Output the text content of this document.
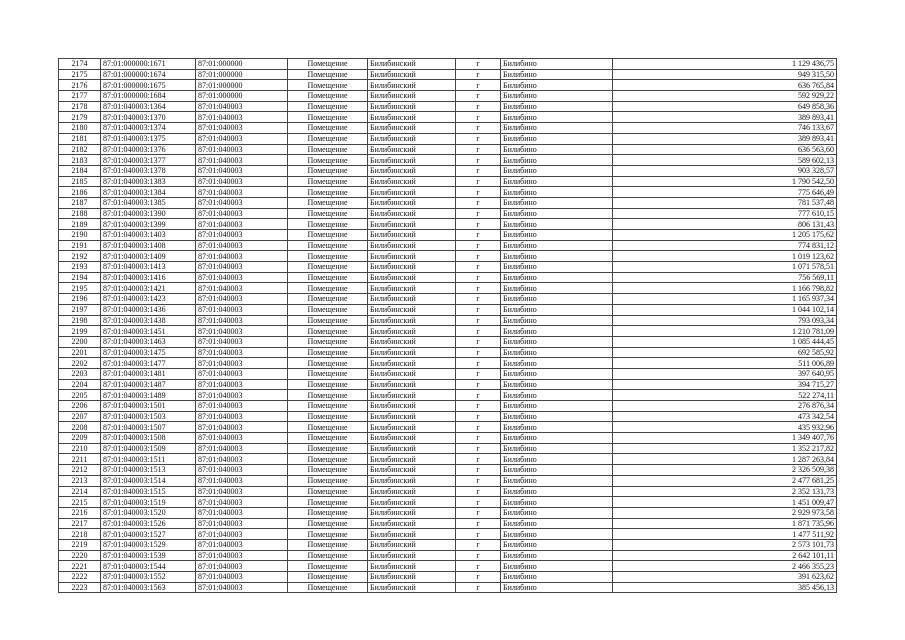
2174	87:01:000000:1671	87:01:000000	Помещение	Билибинский	г	Билибино	1 129 436,75
2175	87:01:000000:1674	87:01:000000	Помещение	Билибинский	г	Билибино	949 315,50
2176	87:01:000000:1675	87:01:000000	Помещение	Билибинский	г	Билибино	636 765,84
2177	87:01:000000:1684	87:01:000000	Помещение	Билибинский	г	Билибино	592 929,22
2178	87:01:040003:1364	87:01:040003	Помещение	Билибинский	г	Билибино	649 858,36
2179	87:01:040003:1370	87:01:040003	Помещение	Билибинский	г	Билибино	389 893,41
2180	87:01:040003:1374	87:01:040003	Помещение	Билибинский	г	Билибино	746 133,67
2181	87:01:040003:1375	87:01:040003	Помещение	Билибинский	г	Билибино	389 893,41
2182	87:01:040003:1376	87:01:040003	Помещение	Билибинский	г	Билибино	636 563,60
2183	87:01:040003:1377	87:01:040003	Помещение	Билибинский	г	Билибино	589 602,13
2184	87:01:040003:1378	87:01:040003	Помещение	Билибинский	г	Билибино	903 328,57
2185	87:01:040003:1383	87:01:040003	Помещение	Билибинский	г	Билибино	1 790 542,50
2186	87:01:040003:1384	87:01:040003	Помещение	Билибинский	г	Билибино	775 646,49
2187	87:01:040003:1385	87:01:040003	Помещение	Билибинский	г	Билибино	781 537,48
2188	87:01:040003:1390	87:01:040003	Помещение	Билибинский	г	Билибино	777 610,15
2189	87:01:040003:1399	87:01:040003	Помещение	Билибинский	г	Билибино	806 131,43
2190	87:01:040003:1403	87:01:040003	Помещение	Билибинский	г	Билибино	1 205 175,62
2191	87:01:040003:1408	87:01:040003	Помещение	Билибинский	г	Билибино	774 831,12
2192	87:01:040003:1409	87:01:040003	Помещение	Билибинский	г	Билибино	1 019 123,62
2193	87:01:040003:1413	87:01:040003	Помещение	Билибинский	г	Билибино	1 071 578,51
2194	87:01:040003:1416	87:01:040003	Помещение	Билибинский	г	Билибино	756 569,11
2195	87:01:040003:1421	87:01:040003	Помещение	Билибинский	г	Билибино	1 166 798,82
2196	87:01:040003:1423	87:01:040003	Помещение	Билибинский	г	Билибино	1 165 937,34
2197	87:01:040003:1436	87:01:040003	Помещение	Билибинский	г	Билибино	1 044 102,14
2198	87:01:040003:1438	87:01:040003	Помещение	Билибинский	г	Билибино	793 093,34
2199	87:01:040003:1451	87:01:040003	Помещение	Билибинский	г	Билибино	1 210 781,09
2200	87:01:040003:1463	87:01:040003	Помещение	Билибинский	г	Билибино	1 085 444,45
2201	87:01:040003:1475	87:01:040003	Помещение	Билибинский	г	Билибино	692 585,92
2202	87:01:040003:1477	87:01:040003	Помещение	Билибинский	г	Билибино	511 006,89
2203	87:01:040003:1481	87:01:040003	Помещение	Билибинский	г	Билибино	397 640,95
2204	87:01:040003:1487	87:01:040003	Помещение	Билибинский	г	Билибино	394 715,27
2205	87:01:040003:1489	87:01:040003	Помещение	Билибинский	г	Билибино	522 274,11
2206	87:01:040003:1501	87:01:040003	Помещение	Билибинский	г	Билибино	276 876,34
2207	87:01:040003:1503	87:01:040003	Помещение	Билибинский	г	Билибино	473 342,54
2208	87:01:040003:1507	87:01:040003	Помещение	Билибинский	г	Билибино	435 932,96
2209	87:01:040003:1508	87:01:040003	Помещение	Билибинский	г	Билибино	1 349 407,76
2210	87:01:040003:1509	87:01:040003	Помещение	Билибинский	г	Билибино	1 352 217,82
2211	87:01:040003:1511	87:01:040003	Помещение	Билибинский	г	Билибино	1 287 263,84
2212	87:01:040003:1513	87:01:040003	Помещение	Билибинский	г	Билибино	2 326 509,38
2213	87:01:040003:1514	87:01:040003	Помещение	Билибинский	г	Билибино	2 477 681,25
2214	87:01:040003:1515	87:01:040003	Помещение	Билибинский	г	Билибино	2 352 131,73
2215	87:01:040003:1519	87:01:040003	Помещение	Билибинский	г	Билибино	1 451 009,47
2216	87:01:040003:1520	87:01:040003	Помещение	Билибинский	г	Билибино	2 929 973,58
2217	87:01:040003:1526	87:01:040003	Помещение	Билибинский	г	Билибино	1 871 735,96
2218	87:01:040003:1527	87:01:040003	Помещение	Билибинский	г	Билибино	1 477 511,92
2219	87:01:040003:1529	87:01:040003	Помещение	Билибинский	г	Билибино	2 573 101,73
2220	87:01:040003:1539	87:01:040003	Помещение	Билибинский	г	Билибино	2 642 101,11
2221	87:01:040003:1544	87:01:040003	Помещение	Билибинский	г	Билибино	2 466 355,23
2222	87:01:040003:1552	87:01:040003	Помещение	Билибинский	г	Билибино	391 623,62
2223	87:01:040003:1563	87:01:040003	Помещение	Билибинский	г	Билибино	385 456,13
